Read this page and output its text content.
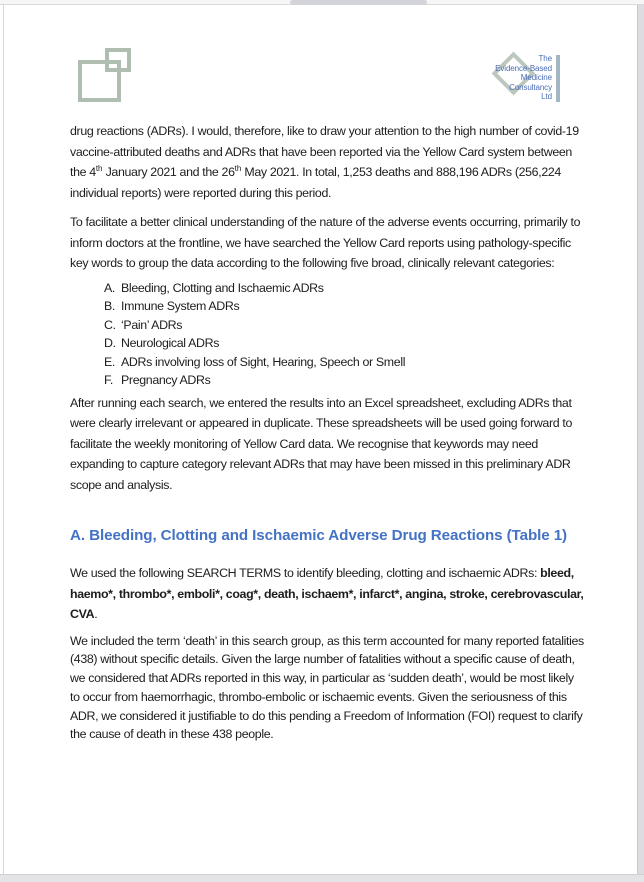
The
Evidence-Based
Medicine
Consultancy
Ltd

drug reactions (ADRs). I would, therefore, like to draw your attention to the high number of covid-19 vaccine-attributed deaths and ADRs that have been reported via the Yellow Card system between the 4th January 2021 and the 26th May 2021. In total, 1,253 deaths and 888,196 ADRs (256,224 individual reports) were reported during this period.

To facilitate a better clinical understanding of the nature of the adverse events occurring, primarily to inform doctors at the frontline, we have searched the Yellow Card reports using pathology-specific key words to group the data according to the following five broad, clinically relevant categories:

A. Bleeding, Clotting and Ischaemic ADRs
B. Immune System ADRs
C. ‘Pain’ ADRs
D. Neurological ADRs
E. ADRs involving loss of Sight, Hearing, Speech or Smell
F. Pregnancy ADRs

After running each search, we entered the results into an Excel spreadsheet, excluding ADRs that were clearly irrelevant or appeared in duplicate. These spreadsheets will be used going forward to facilitate the weekly monitoring of Yellow Card data. We recognise that keywords may need expanding to capture category relevant ADRs that may have been missed in this preliminary ADR scope and analysis.

A. Bleeding, Clotting and Ischaemic Adverse Drug Reactions (Table 1)

We used the following SEARCH TERMS to identify bleeding, clotting and ischaemic ADRs: bleed, haemo*, thrombo*, emboli*, coag*, death, ischaem*, infarct*, angina, stroke, cerebrovascular, CVA.

We included the term ‘death’ in this search group, as this term accounted for many reported fatalities (438) without specific details. Given the large number of fatalities without a specific cause of death, we considered that ADRs reported in this way, in particular as ‘sudden death’, would be most likely to occur from haemorrhagic, thrombo-embolic or ischaemic events. Given the seriousness of this ADR, we considered it justifiable to do this pending a Freedom of Information (FOI) request to clarify the cause of death in these 438 people.
